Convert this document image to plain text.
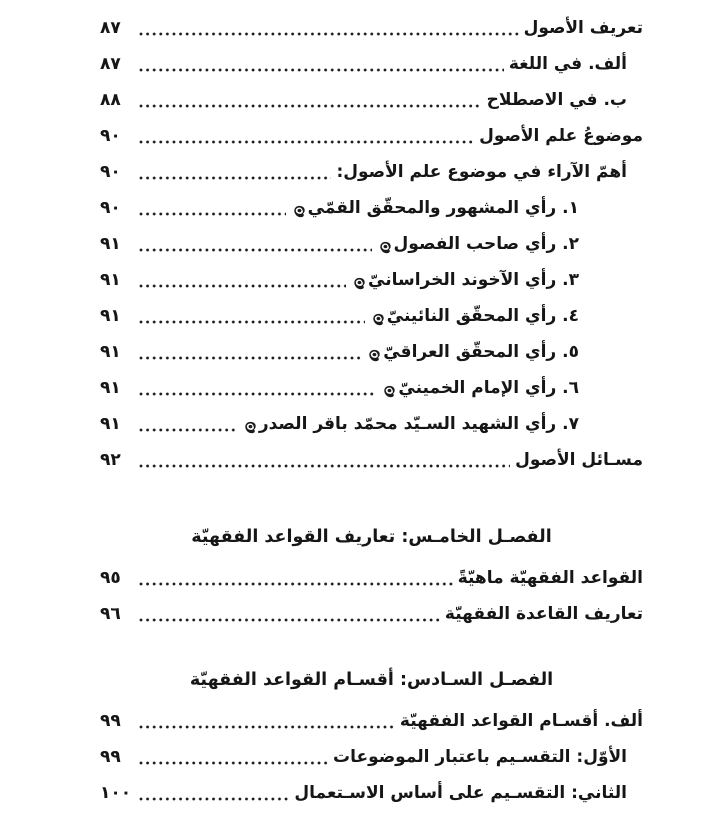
تعريف الأصول
٨٧
ألف. في اللغة
٨٧
ب. في الاصطلاح
٨٨
موضوعُ علم الأصول
٩٠
أهمّ الآراء في موضوع علم الأصول:
٩٠
١. رأي المشهور والمحقّق القمّي
٩٠
٢. رأي صاحب الفصول
٩١
٣. رأي الآخوند الخراسانيّ
٩١
٤. رأي المحقّق النائينيّ
٩١
٥. رأي المحقّق العراقيّ
٩١
٦. رأي الإمام الخمينيّ
٩١
٧. رأي الشهيد السـيّد محمّد باقر الصدر
٩١
مسـائل الأصول
٩٢
الفصـل الخامـس: تعاريف القواعد الفقهيّة
القواعد الفقهيّة ماهيّةً
٩٥
تعاريف القاعدة الفقهيّة
٩٦
الفصـل السـادس: أقسـام القواعد الفقهيّة
ألف. أقسـام القواعد الفقهيّة
٩٩
الأوّل: التقسـيم باعتبار الموضوعات
٩٩
الثاني: التقسـيم على أساس الاسـتعمال
١٠٠
